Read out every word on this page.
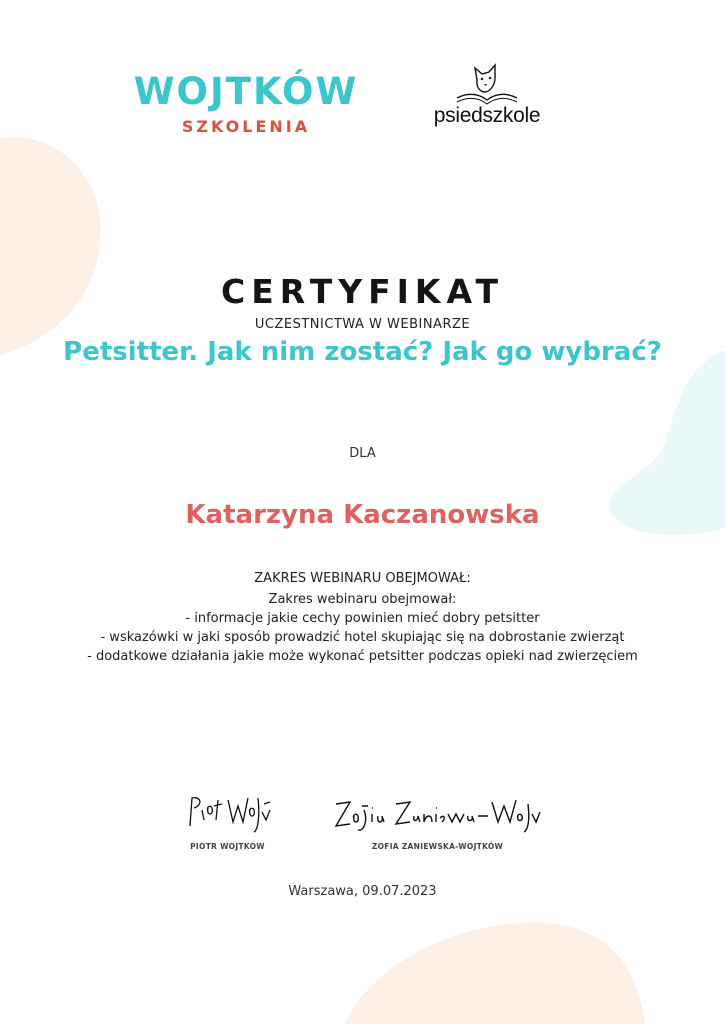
WOJTKÓW
SZKOLENIA	psiedszkole
CERTYFIKAT
UCZESTNICTWA W WEBINARZE
Petsitter. Jak nim zostać? Jak go wybrać?
DLA
Katarzyna Kaczanowska
ZAKRES WEBINARU OBEJMOWAŁ:
Zakres webinaru obejmował:
- informacje jakie cechy powinien mieć dobry petsitter
- wskazówki w jaki sposób prowadzić hotel skupiając się na dobrostanie zwierząt
- dodatkowe działania jakie może wykonać petsitter podczas opieki nad zwierzęciem
PIOTR WOJTKÓW	ZOFIA ZANIEWSKA-WOJTKÓW
Warszawa, 09.07.2023
